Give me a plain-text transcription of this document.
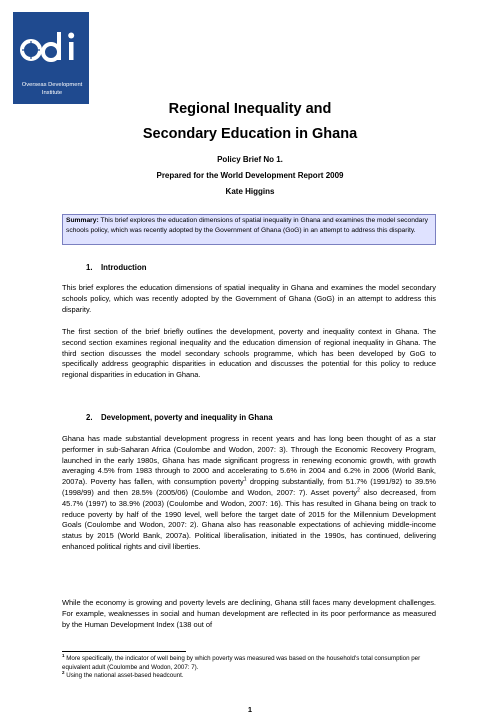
Overseas Development
Institute
Regional Inequality and
Secondary Education in Ghana
Policy Brief No 1.
Prepared for the World Development Report 2009
Kate Higgins
Summary: This brief explores the education dimensions of spatial inequality in Ghana and examines the model secondary schools policy, which was recently adopted by the Government of Ghana (GoG) in an attempt to address this disparity.
1. Introduction
This brief explores the education dimensions of spatial inequality in Ghana and examines the model secondary schools policy, which was recently adopted by the Government of Ghana (GoG) in an attempt to address this disparity.
The first section of the brief briefly outlines the development, poverty and inequality context in Ghana. The second section examines regional inequality and the education dimension of regional inequality in Ghana. The third section discusses the model secondary schools programme, which has been developed by GoG to specifically address geographic disparities in education and discusses the potential for this policy to reduce regional disparities in education in Ghana.
2. Development, poverty and inequality in Ghana
Ghana has made substantial development progress in recent years and has long been thought of as a star performer in sub-Saharan Africa (Coulombe and Wodon, 2007: 3). Through the Economic Recovery Program, launched in the early 1980s, Ghana has made significant progress in renewing economic growth, with growth averaging 4.5% from 1983 through to 2000 and accelerating to 5.6% in 2004 and 6.2% in 2006 (World Bank, 2007a). Poverty has fallen, with consumption poverty$^1$ dropping substantially, from 51.7% (1991/92) to 39.5% (1998/99) and then 28.5% (2005/06) (Coulombe and Wodon, 2007: 7). Asset poverty$^2$ also decreased, from 45.7% (1997) to 38.9% (2003) (Coulombe and Wodon, 2007: 16). This has resulted in Ghana being on track to reduce poverty by half of the 1990 level, well before the target date of 2015 for the Millennium Development Goals (Coulombe and Wodon, 2007: 2). Ghana also has reasonable expectations of achieving middle-income status by 2015 (World Bank, 2007a). Political liberalisation, initiated in the 1990s, has continued, delivering enhanced political rights and civil liberties.
While the economy is growing and poverty levels are declining, Ghana still faces many development challenges. For example, weaknesses in social and human development are reflected in its poor performance as measured by the Human Development Index (138 out of
$^1$ More specifically, the indicator of well being by which poverty was measured was based on the household's total consumption per equivalent adult (Coulombe and Wodon, 2007: 7).
$^2$ Using the national asset-based headcount.
1
